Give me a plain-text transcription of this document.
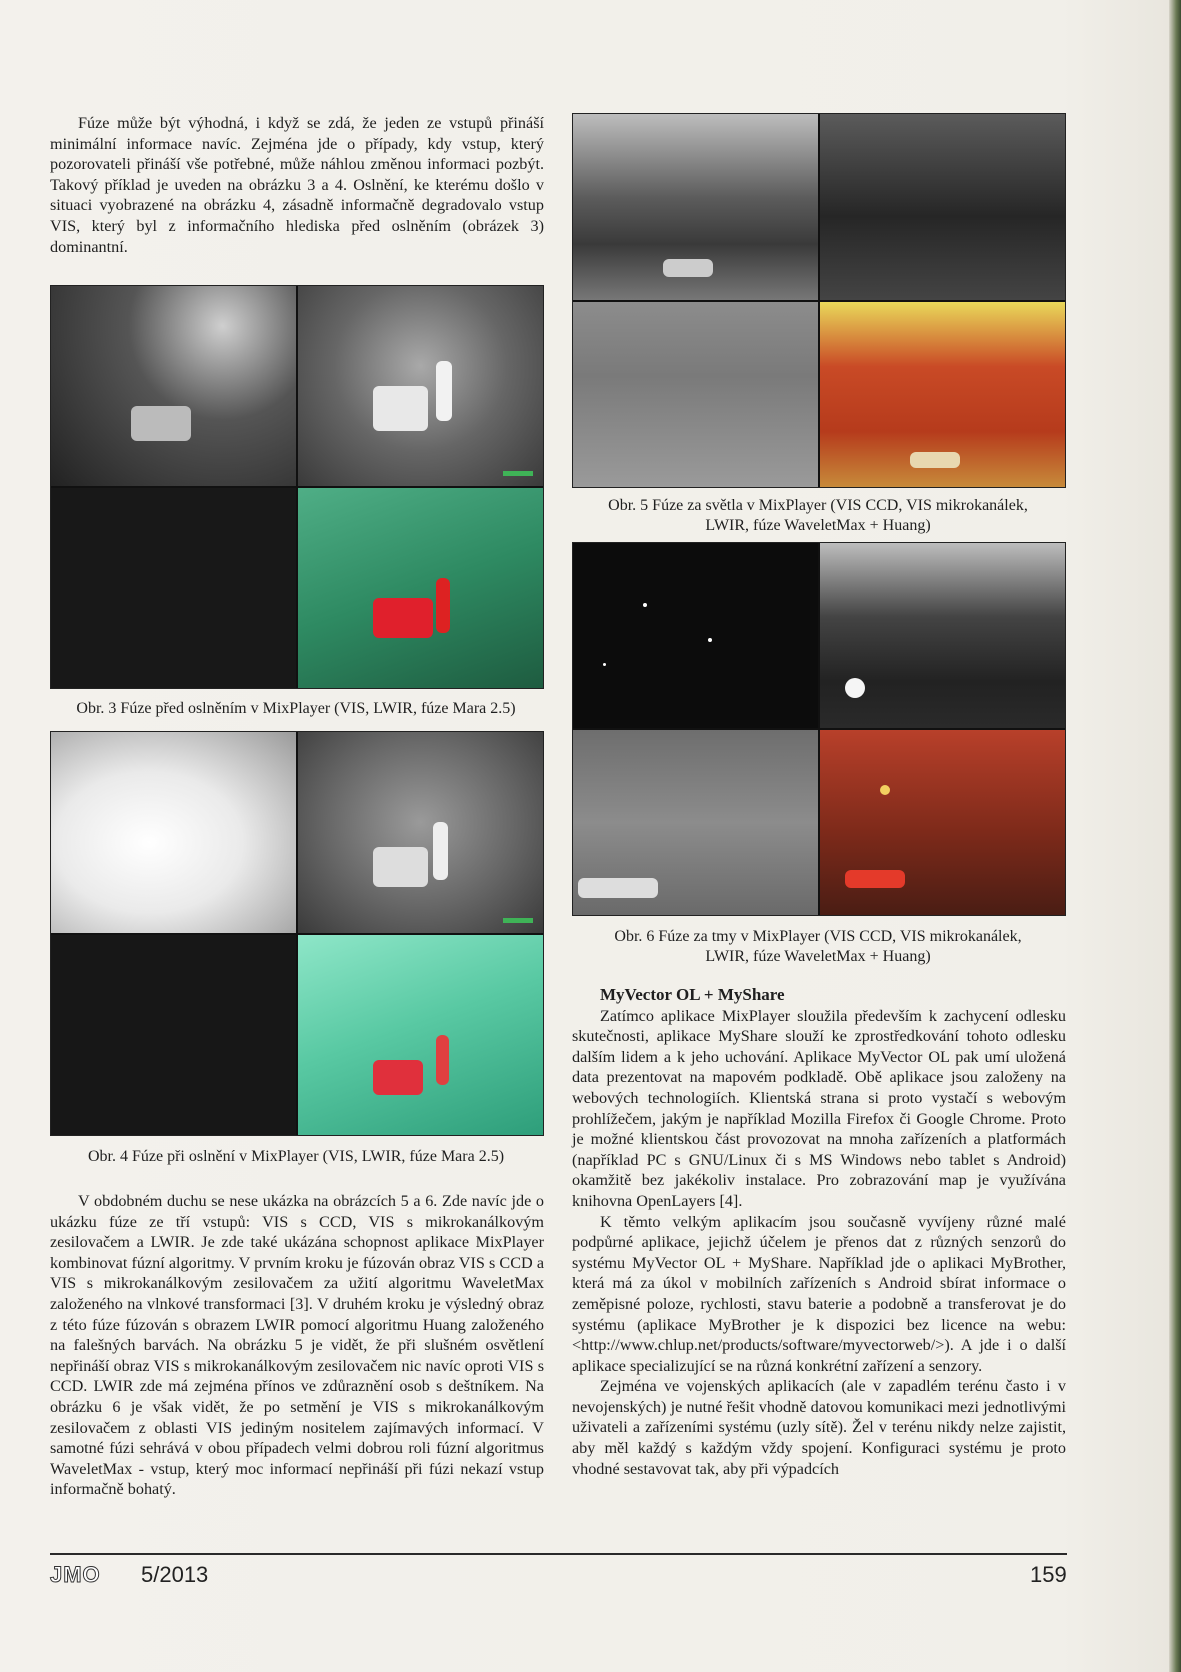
Fúze může být výhodná, i když se zdá, že jeden ze vstupů přináší minimální informace navíc. Zejména jde o případy, kdy vstup, který pozorovateli přináší vše potřebné, může náhlou změnou informaci pozbýt. Takový příklad je uveden na obrázku 3 a 4. Oslnění, ke kterému došlo v situaci vyobrazené na obrázku 4, zásadně informačně degradovalo vstup VIS, který byl z informačního hlediska před oslněním (obrázek 3) dominantní.

Obr. 3 Fúze před oslněním v MixPlayer (VIS, LWIR, fúze Mara 2.5)
Obr. 4 Fúze při oslnění v MixPlayer (VIS, LWIR, fúze Mara 2.5)

V obdobném duchu se nese ukázka na obrázcích 5 a 6. Zde navíc jde o ukázku fúze ze tří vstupů: VIS s CCD, VIS s mikrokanálkovým zesilovačem a LWIR. Je zde také ukázána schopnost aplikace MixPlayer kombinovat fúzní algoritmy. V prvním kroku je fúzován obraz VIS s CCD a VIS s mikrokanálkovým zesilovačem za užití algoritmu WaveletMax založeného na vlnkové transformaci [3]. V druhém kroku je výsledný obraz z této fúze fúzován s obrazem LWIR pomocí algoritmu Huang založeného na falešných barvách. Na obrázku 5 je vidět, že při slušném osvětlení nepřináší obraz VIS s mikrokanálkovým zesilovačem nic navíc oproti VIS s CCD. LWIR zde má zejména přínos ve zdůraznění osob s deštníkem. Na obrázku 6 je však vidět, že po setmění je VIS s mikrokanálkovým zesilovačem z oblasti VIS jediným nositelem zajímavých informací. V samotné fúzi sehrává v obou případech velmi dobrou roli fúzní algoritmus WaveletMax - vstup, který moc informací nepřináší při fúzi nekazí vstup informačně bohatý.

Obr. 5 Fúze za světla v MixPlayer (VIS CCD, VIS mikrokanálek,
LWIR, fúze WaveletMax + Huang)
Obr. 6 Fúze za tmy v MixPlayer (VIS CCD, VIS mikrokanálek,
LWIR, fúze WaveletMax + Huang)

MyVector OL + MyShare

Zatímco aplikace MixPlayer sloužila především k zachycení odlesku skutečnosti, aplikace MyShare slouží ke zprostředkování tohoto odlesku dalším lidem a k jeho uchování. Aplikace MyVector OL pak umí uložená data prezentovat na mapovém podkladě. Obě aplikace jsou založeny na webových technologiích. Klientská strana si proto vystačí s webovým prohlížečem, jakým je například Mozilla Firefox či Google Chrome. Proto je možné klientskou část provozovat na mnoha zařízeních a platformách (například PC s GNU/Linux či s MS Windows nebo tablet s Android) okamžitě bez jakékoliv instalace. Pro zobrazování map je využívána knihovna OpenLayers [4].

K těmto velkým aplikacím jsou současně vyvíjeny různé malé podpůrné aplikace, jejichž účelem je přenos dat z různých senzorů do systému MyVector OL + MyShare. Například jde o aplikaci MyBrother, která má za úkol v mobilních zařízeních s Android sbírat informace o zeměpisné poloze, rychlosti, stavu baterie a podobně a transferovat je do systému (aplikace MyBrother je k dispozici bez licence na webu: <http://www.chlup.net/products/software/myvectorweb/>). A jde i o další aplikace specializující se na různá konkrétní zařízení a senzory.

Zejména ve vojenských aplikacích (ale v zapadlém terénu často i v nevojenských) je nutné řešit vhodně datovou komunikaci mezi jednotlivými uživateli a zařízeními systému (uzly sítě). Žel v terénu nikdy nelze zajistit, aby měl každý s každým vždy spojení. Konfiguraci systému je proto vhodné sestavovat tak, aby při výpadcích

JMO 5/2013	159
